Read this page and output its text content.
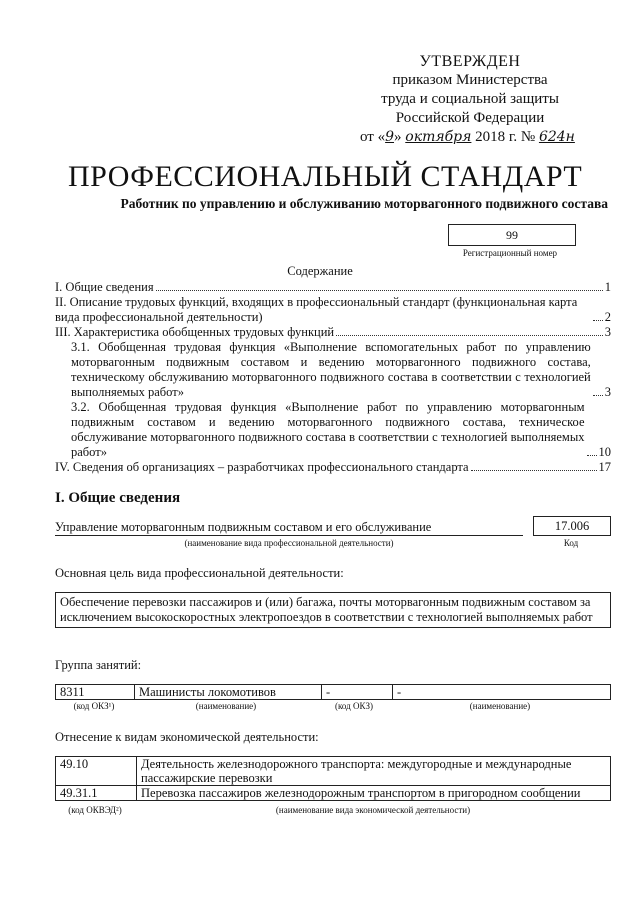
УТВЕРЖДЕН
приказом Министерства
труда и социальной защиты
Российской Федерации
от «9» октября 2018 г. № 624н
ПРОФЕССИОНАЛЬНЫЙ СТАНДАРТ
Работник по управлению и обслуживанию моторвагонного подвижного состава
99
Регистрационный номер
Содержание
I. Общие сведения	1
II. Описание трудовых функций, входящих в профессиональный стандарт (функциональная карта вида профессиональной деятельности)	2
III. Характеристика обобщенных трудовых функций	3
3.1. Обобщенная трудовая функция «Выполнение вспомогательных работ по управлению моторвагонным подвижным составом и ведению моторвагонного подвижного состава, техническому обслуживанию моторвагонного подвижного состава в соответствии с технологией выполняемых работ»	3
3.2. Обобщенная трудовая функция «Выполнение работ по управлению моторвагонным подвижным составом и ведению моторвагонного подвижного состава, техническое обслуживание моторвагонного подвижного состава в соответствии с технологией выполняемых работ»	10
IV. Сведения об организациях – разработчиках профессионального стандарта	17
I. Общие сведения
Управление моторвагонным подвижным составом и его обслуживание
(наименование вида профессиональной деятельности)
17.006
Код
Основная цель вида профессиональной деятельности:
Обеспечение перевозки пассажиров и (или) багажа, почты моторвагонным подвижным составом за исключением высокоскоростных электропоездов в соответствии с технологией выполняемых работ
Группа занятий:
8311	Машинисты локомотивов	-	-
(код ОКЗ¹)	(наименование)	(код ОКЗ)	(наименование)
Отнесение к видам экономической деятельности:
49.10	Деятельность железнодорожного транспорта: междугородные и международные пассажирские перевозки
49.31.1	Перевозка пассажиров железнодорожным транспортом в пригородном сообщении
(код ОКВЭД²)	(наименование вида экономической деятельности)
